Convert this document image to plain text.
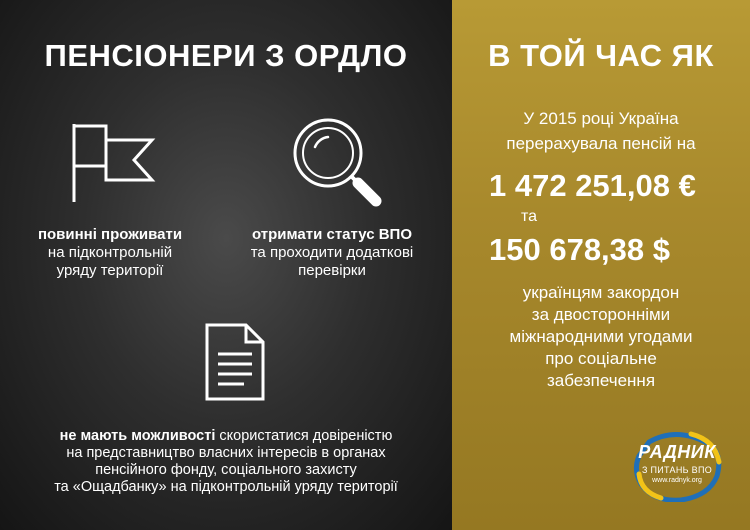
ПЕНСІОНЕРИ З ОРДЛО	В ТОЙ ЧАС ЯК
повинні проживати
на підконтрольній
уряду території
отримати статус ВПО
та проходити додаткові
перевірки
не мають можливості скористатися довіреністю
на представництво власних інтересів в органах
пенсійного фонду, соціального захисту
та «Ощадбанку» на підконтрольній уряду території
У 2015 році Україна
перерахувала пенсій на
1 472 251,08 €
та
150 678,38 $
українцям закордон
за двосторонніми
міжнародними угодами
про соціальне
забезпечення
РАДНИК
З ПИТАНЬ ВПО
www.radnyk.org
